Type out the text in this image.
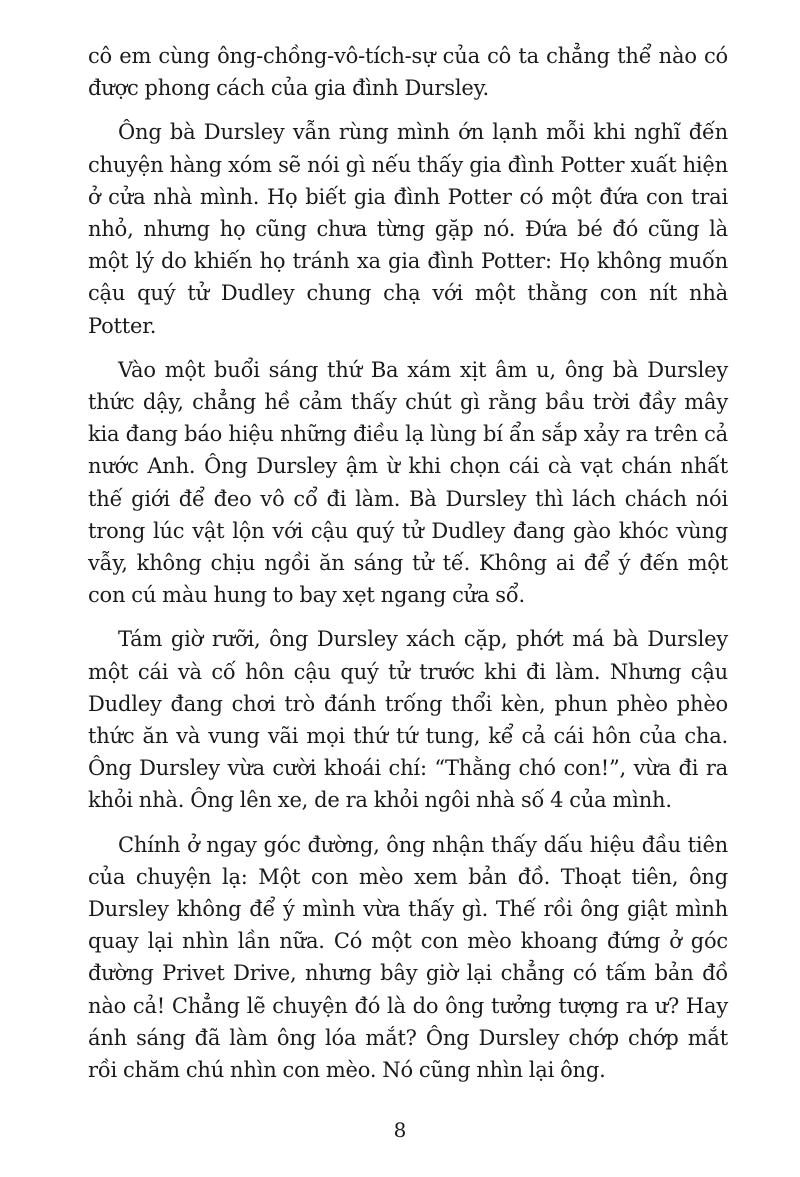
cô em cùng ông-chồng-vô-tích-sự của cô ta chẳng thể nào có được phong cách của gia đình Dursley.

Ông bà Dursley vẫn rùng mình ớn lạnh mỗi khi nghĩ đến chuyện hàng xóm sẽ nói gì nếu thấy gia đình Potter xuất hiện ở cửa nhà mình. Họ biết gia đình Potter có một đứa con trai nhỏ, nhưng họ cũng chưa từng gặp nó. Đứa bé đó cũng là một lý do khiến họ tránh xa gia đình Potter: Họ không muốn cậu quý tử Dudley chung chạ với một thằng con nít nhà Potter.

Vào một buổi sáng thứ Ba xám xịt âm u, ông bà Dursley thức dậy, chẳng hề cảm thấy chút gì rằng bầu trời đầy mây kia đang báo hiệu những điều lạ lùng bí ẩn sắp xảy ra trên cả nước Anh. Ông Dursley ậm ừ khi chọn cái cà vạt chán nhất thế giới để đeo vô cổ đi làm. Bà Dursley thì lách chách nói trong lúc vật lộn với cậu quý tử Dudley đang gào khóc vùng vẫy, không chịu ngồi ăn sáng tử tế. Không ai để ý đến một con cú màu hung to bay xẹt ngang cửa sổ.

Tám giờ rưỡi, ông Dursley xách cặp, phớt má bà Dursley một cái và cố hôn cậu quý tử trước khi đi làm. Nhưng cậu Dudley đang chơi trò đánh trống thổi kèn, phun phèo phèo thức ăn và vung vãi mọi thứ tứ tung, kể cả cái hôn của cha. Ông Dursley vừa cười khoái chí: “Thằng chó con!”, vừa đi ra khỏi nhà. Ông lên xe, de ra khỏi ngôi nhà số 4 của mình.

Chính ở ngay góc đường, ông nhận thấy dấu hiệu đầu tiên của chuyện lạ: Một con mèo xem bản đồ. Thoạt tiên, ông Dursley không để ý mình vừa thấy gì. Thế rồi ông giật mình quay lại nhìn lần nữa. Có một con mèo khoang đứng ở góc đường Privet Drive, nhưng bây giờ lại chẳng có tấm bản đồ nào cả! Chẳng lẽ chuyện đó là do ông tưởng tượng ra ư? Hay ánh sáng đã làm ông lóa mắt? Ông Dursley chớp chớp mắt rồi chăm chú nhìn con mèo. Nó cũng nhìn lại ông.

8
